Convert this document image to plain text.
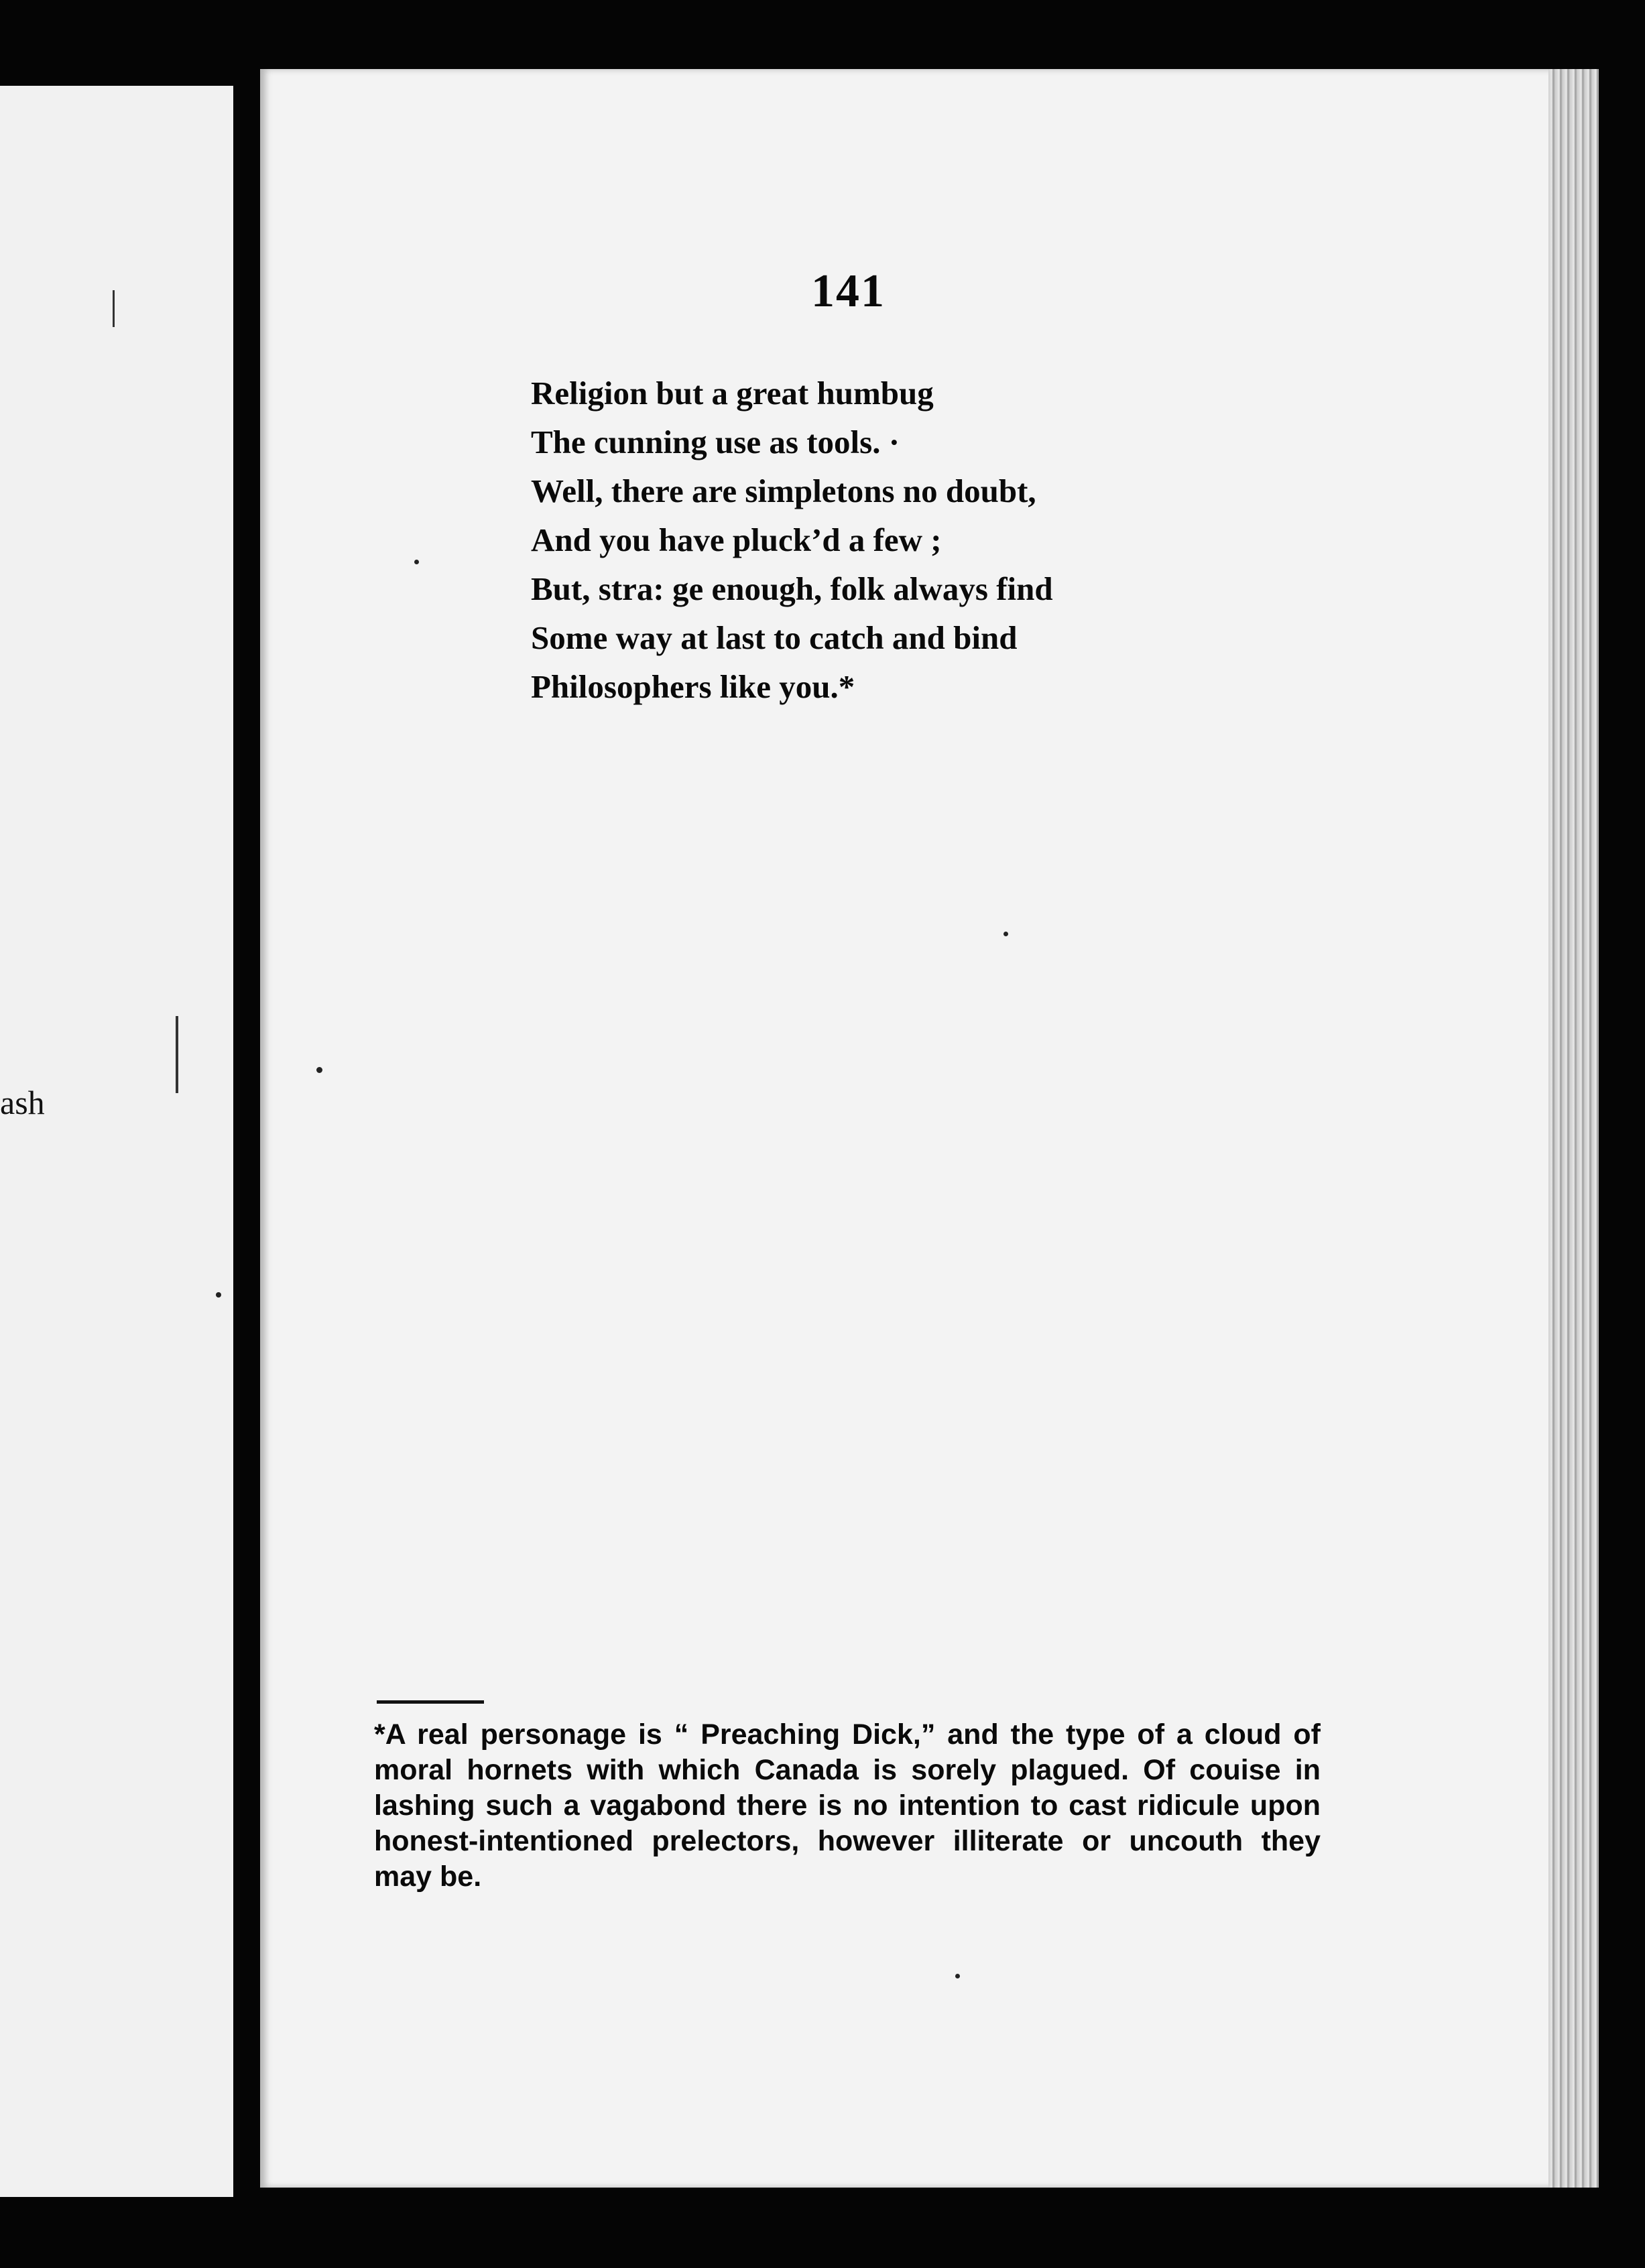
ash
141
Religion but a great humbug
The cunning use as tools. ·
Well, there are simpletons no doubt,
And you have pluck’d a few ;
But, stra: ge enough, folk always find
Some way at last to catch and bind
Philosophers like you.*

*A real personage is “ Preaching Dick,” and the type of a cloud of moral hornets with which Canada is sorely plagued. Of couise in lashing such a vagabond there is no intention to cast ridicule upon honest-intentioned prelectors, however illiterate or uncouth they may be.
